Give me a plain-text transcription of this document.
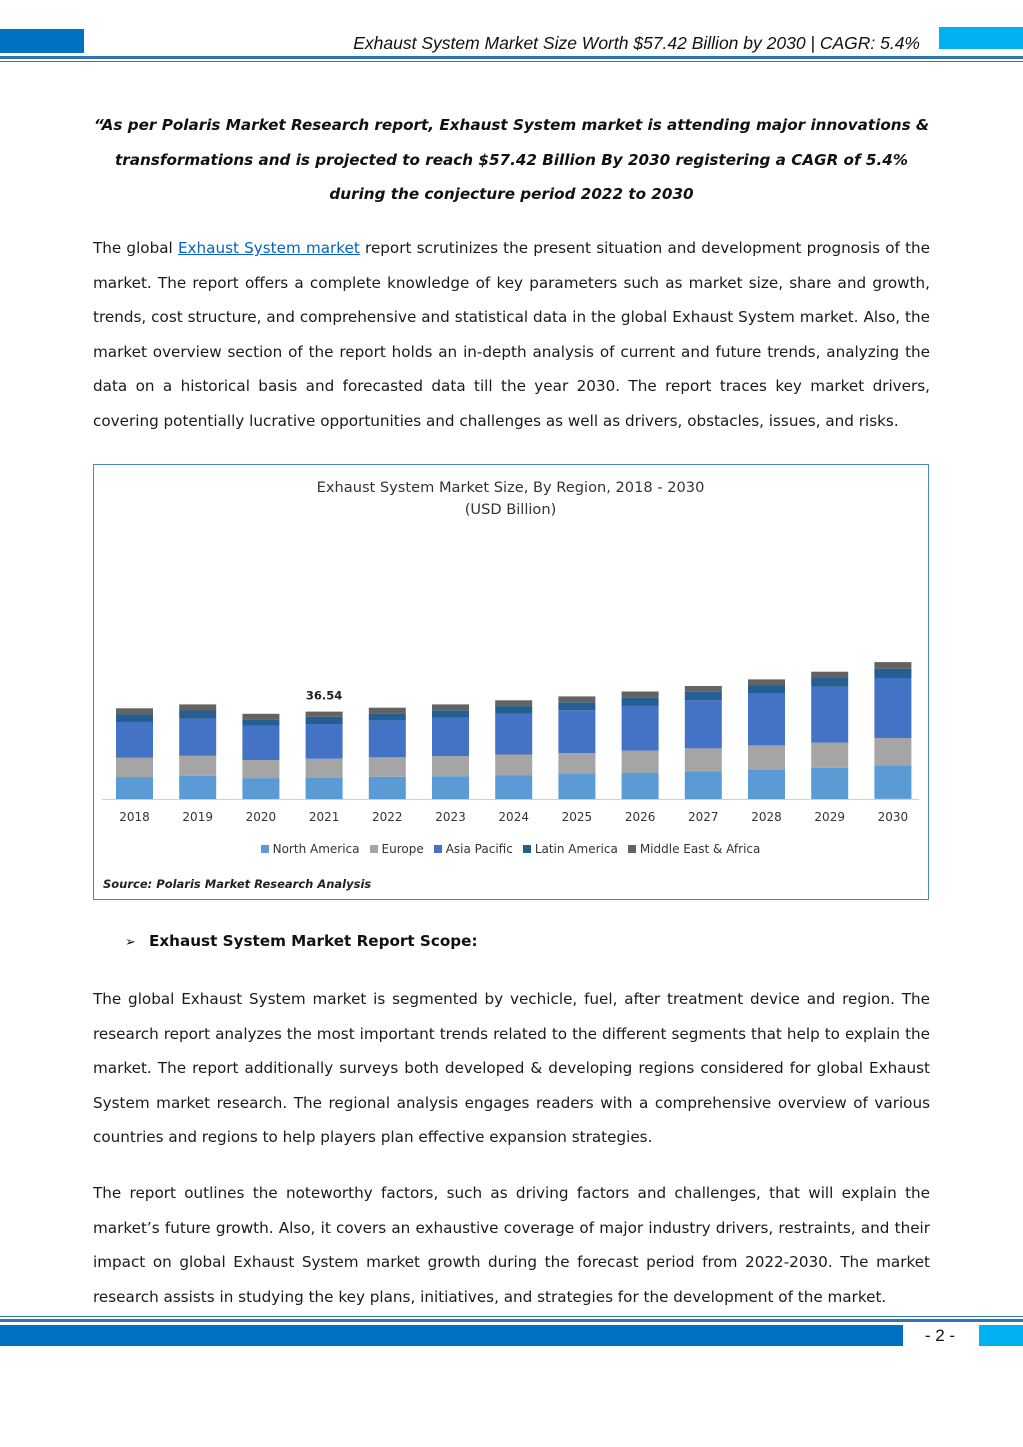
Exhaust System Market Size Worth $57.42 Billion by 2030 | CAGR: 5.4%
“As per Polaris Market Research report, Exhaust System market is attending major innovations & transformations and is projected to reach $57.42 Billion By 2030 registering a CAGR of 5.4% during the conjecture period 2022 to 2030
The global Exhaust System market report scrutinizes the present situation and development prognosis of the market. The report offers a complete knowledge of key parameters such as market size, share and growth, trends, cost structure, and comprehensive and statistical data in the global Exhaust System market. Also, the market overview section of the report holds an in-depth analysis of current and future trends, analyzing the data on a historical basis and forecasted data till the year 2030. The report traces key market drivers, covering potentially lucrative opportunities and challenges as well as drivers, obstacles, issues, and risks.
Exhaust System Market Size, By Region, 2018 - 2030
(USD Billion)
2018	2019	2020	2021
36.54
2022	2023	2024	2025	2026	2027	2028	2029	2030
North America Europe Asia Pacific Latin America Middle East & Africa
Source: Polaris Market Research Analysis
➢ Exhaust System Market Report Scope:
The global Exhaust System market is segmented by vechicle, fuel, after treatment device and region. The research report analyzes the most important trends related to the different segments that help to explain the market. The report additionally surveys both developed & developing regions considered for global Exhaust System market research. The regional analysis engages readers with a comprehensive overview of various countries and regions to help players plan effective expansion strategies.
The report outlines the noteworthy factors, such as driving factors and challenges, that will explain the market’s future growth. Also, it covers an exhaustive coverage of major industry drivers, restraints, and their impact on global Exhaust System market growth during the forecast period from 2022-2030. The market research assists in studying the key plans, initiatives, and strategies for the development of the market.
- 2 -
